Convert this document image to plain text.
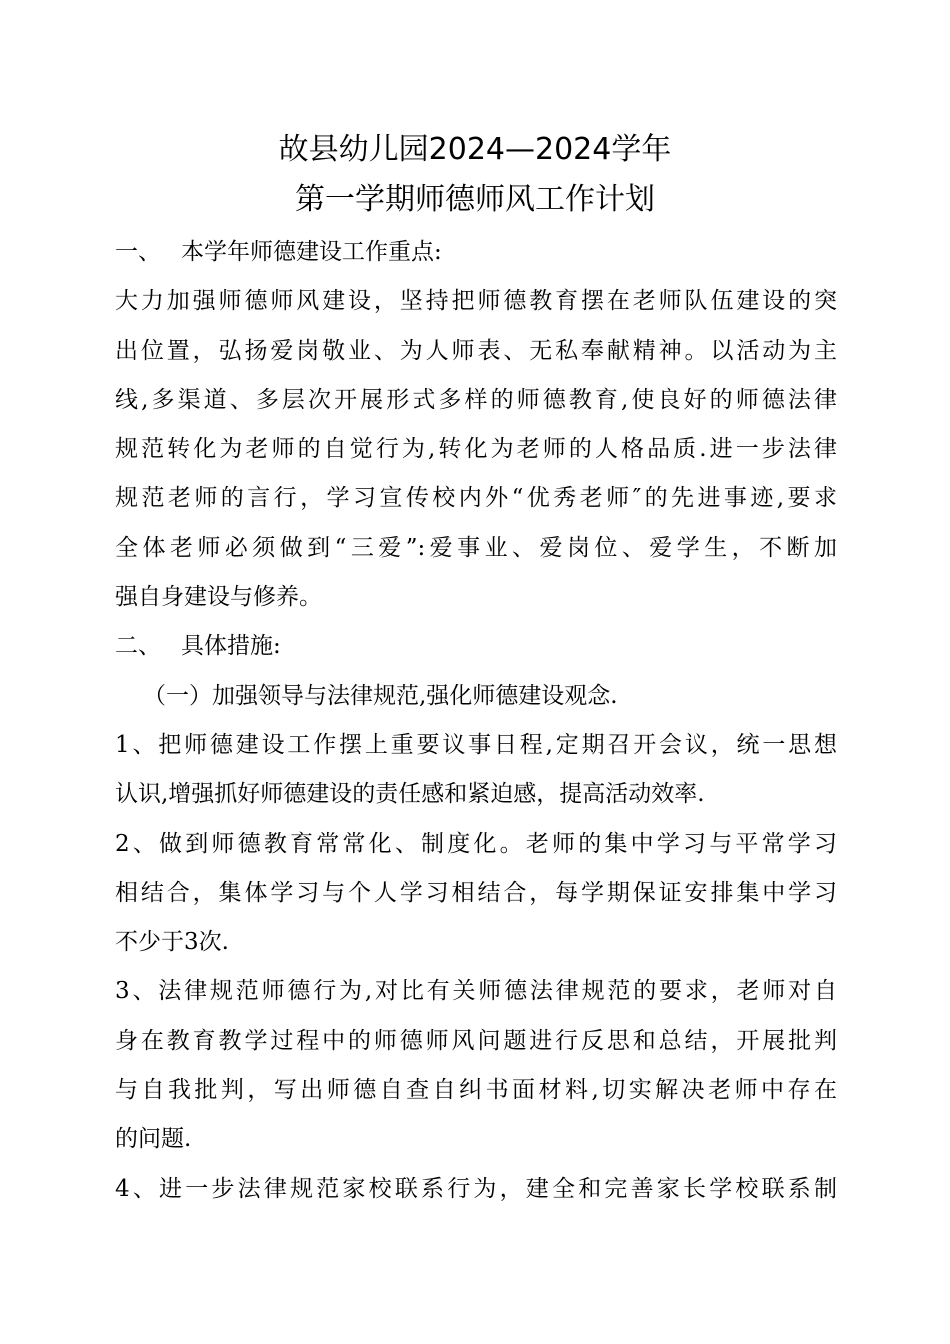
故县幼儿园2024—2024学年
第一学期师德师风工作计划

一、 本学年师德建设工作重点:

大力加强师德师风建设，坚持把师德教育摆在老师队伍建设的突

出位置，弘扬爱岗敬业、为人师表、无私奉献精神。以活动为主

线,多渠道、多层次开展形式多样的师德教育,使良好的师德法律

规范转化为老师的自觉行为,转化为老师的人格品质.进一步法律

规范老师的言行，学习宣传校内外“优秀老师″的先进事迹,要求

全体老师必须做到“三爱”:爱事业、爱岗位、爱学生，不断加

强自身建设与修养。

二、 具体措施:

（一）加强领导与法律规范,强化师德建设观念.

1、把师德建设工作摆上重要议事日程,定期召开会议，统一思想

认识,增强抓好师德建设的责任感和紧迫感，提高活动效率.

2、做到师德教育常常化、制度化。老师的集中学习与平常学习

相结合，集体学习与个人学习相结合，每学期保证安排集中学习

不少于3次.

3、法律规范师德行为,对比有关师德法律规范的要求，老师对自

身在教育教学过程中的师德师风问题进行反思和总结，开展批判

与自我批判，写出师德自查自纠书面材料,切实解决老师中存在

的问题.

4、进一步法律规范家校联系行为，建全和完善家长学校联系制
